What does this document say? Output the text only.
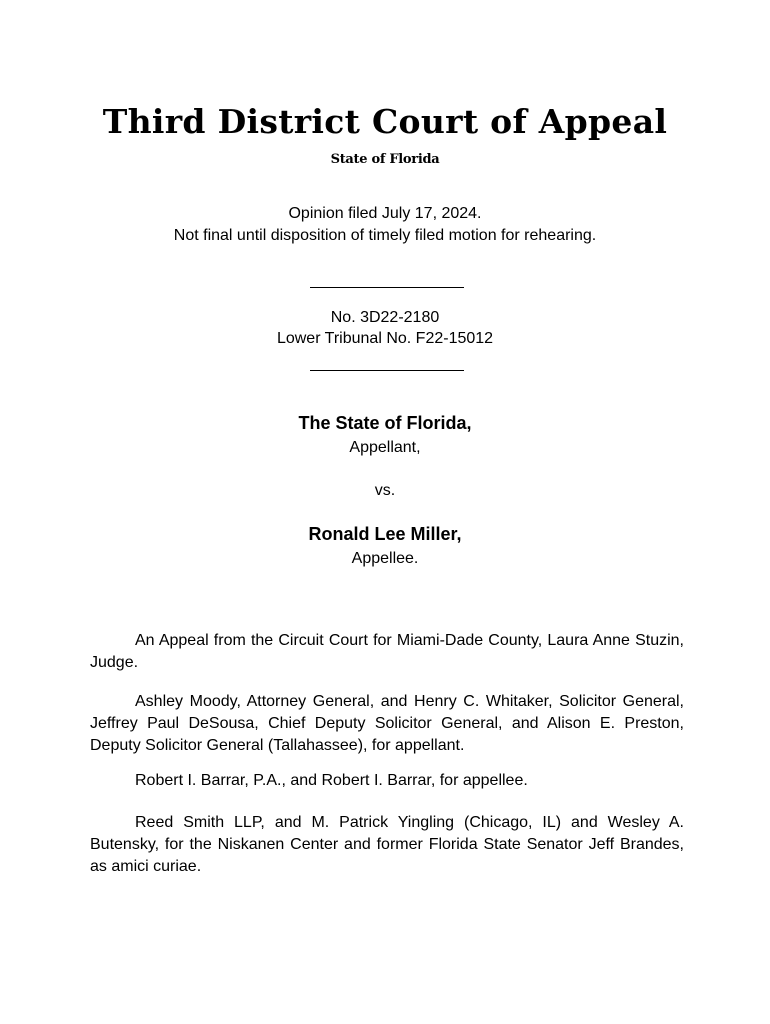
Third District Court of Appeal
State of Florida
Opinion filed July 17, 2024.
Not final until disposition of timely filed motion for rehearing.
No. 3D22-2180
Lower Tribunal No. F22-15012
The State of Florida,
Appellant,
vs.
Ronald Lee Miller,
Appellee.
An Appeal from the Circuit Court for Miami-Dade County, Laura Anne Stuzin, Judge.
Ashley Moody, Attorney General, and Henry C. Whitaker, Solicitor General, Jeffrey Paul DeSousa, Chief Deputy Solicitor General, and Alison E. Preston, Deputy Solicitor General (Tallahassee), for appellant.
Robert I. Barrar, P.A., and Robert I. Barrar, for appellee.
Reed Smith LLP, and M. Patrick Yingling (Chicago, IL) and Wesley A. Butensky, for the Niskanen Center and former Florida State Senator Jeff Brandes, as amici curiae.
